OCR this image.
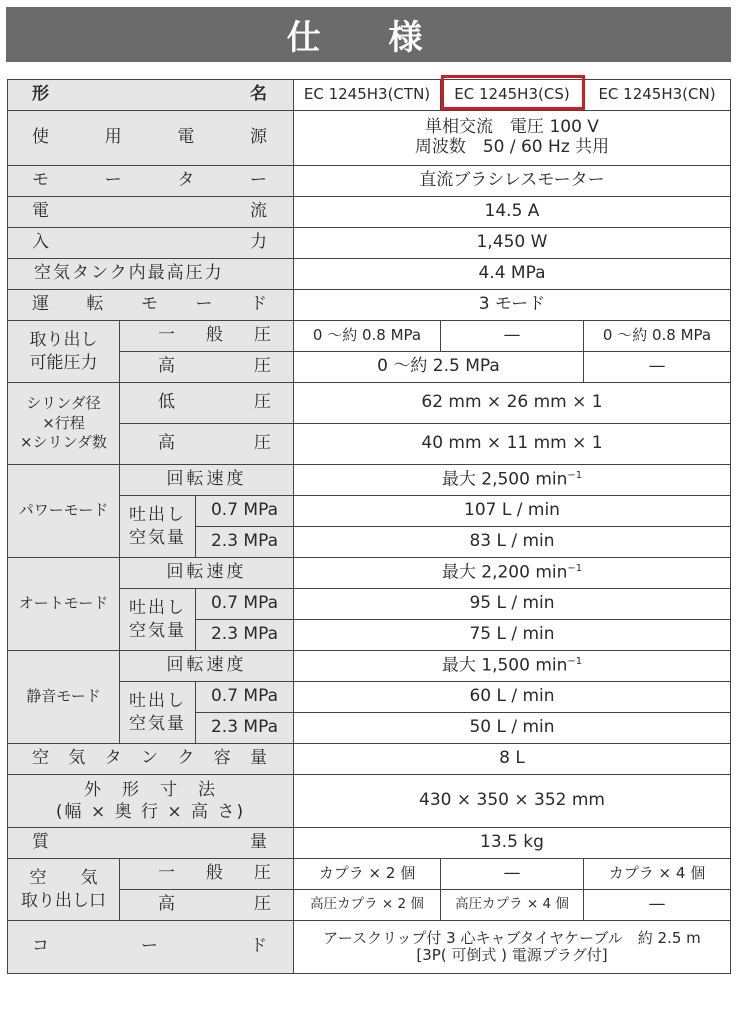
仕 様
形　　　　　　　名			EC 1245H3(CTN)	EC 1245H3(CS)	EC 1245H3(CN)
使　用　電　源			単相交流　電圧 100 V
周波数　50 / 60 Hz 共用		

モ　ー　タ　ー			直流ブラシレスモーター		
電　　　　　流			14.5 A		
入　　　　　力			1,450 W		
空気タンク内最高圧力			4.4 MPa		
運　転　モ　ー　ド			3 モード		

取り出し
可能圧力	一　般　圧		0 ～約 0.8 MPa	—	0 ～約 0.8 MPa
	高　　圧		0 ～約 2.5 MPa		—

シリンダ径
×行程
×シリンダ数	低　　圧		62 mm × 26 mm × 1		
	高　　圧		40 mm × 11 mm × 1		
パワーモード	回転速度		最大 2,500 $\min^{-1}$

	吐出し
空気量	0.7 MPa	107 L / min		
		2.3 MPa	83 L / min		
オートモード	回転速度		最大 2,200 $\min^{-1}$

	吐出し
空気量	0.7 MPa	95 L / min		
		2.3 MPa	75 L / min		
静音モード	回転速度		最大 1,500 $\min^{-1}$

	吐出し
空気量	0.7 MPa	60 L / min		
		2.3 MPa	50 L / min		
空　気　タ　ン　ク　容　量			8 L		

外　形　寸　法
(幅 × 奥 行 × 高 さ)			430 × 350 × 352 mm		
質　　　　　量			13.5 kg		

空　　気
取り出し口	一　般　圧		カプラ × 2 個	—	カプラ × 4 個
	高　　圧		高圧カプラ × 2 個	高圧カプラ × 4 個	—
コ　　ー　　ド			アースクリップ付 3 心キャブタイヤケーブル　約 2.5 m
[3P( 可倒式 ) 電源プラグ付]		
